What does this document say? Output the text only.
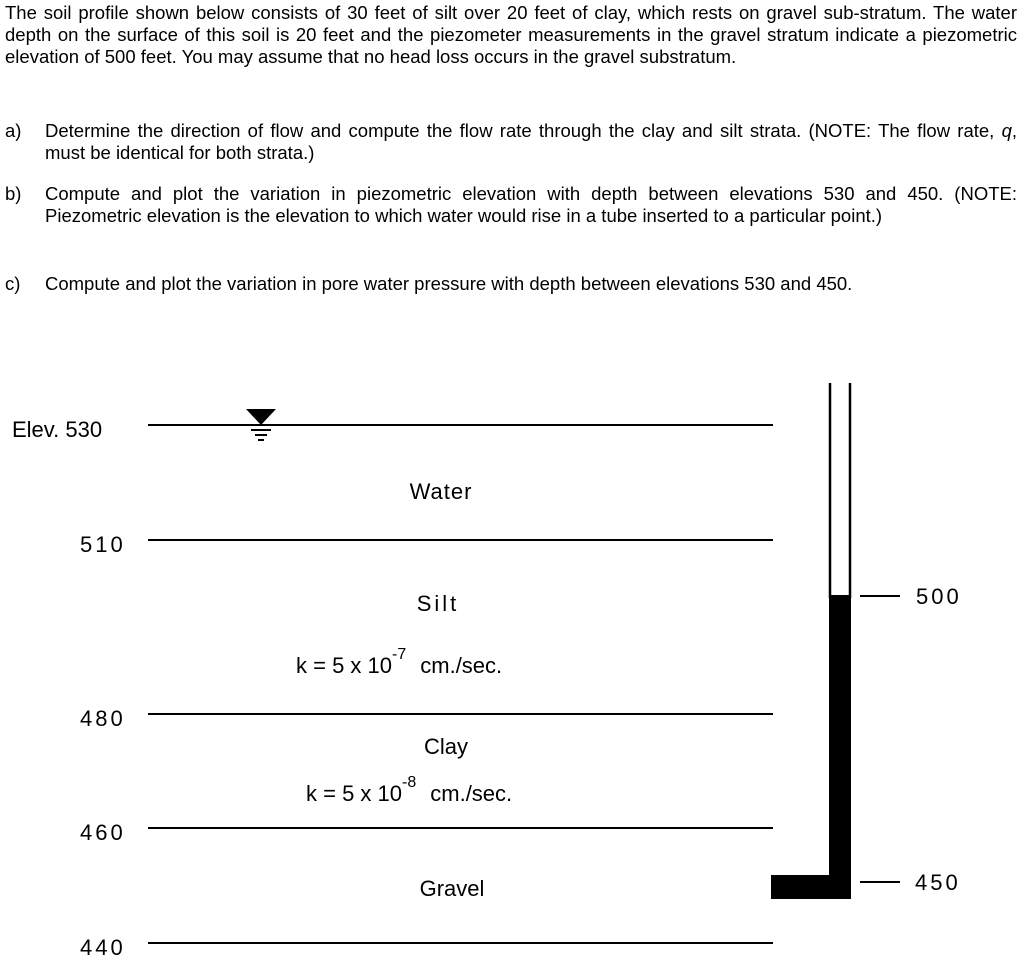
The soil profile shown below consists of 30 feet of silt over 20 feet of clay, which rests on gravel sub-stratum. The water depth on the surface of this soil is 20 feet and the piezometer measurements in the gravel stratum indicate a piezometric elevation of 500 feet. You may assume that no head loss occurs in the gravel substratum.

a) Determine the direction of flow and compute the flow rate through the clay and silt strata. (NOTE: The flow rate, q, must be identical for both strata.)
b) Compute and plot the variation in piezometric elevation with depth between elevations 530 and 450. (NOTE: Piezometric elevation is the elevation to which water would rise in a tube inserted to a particular point.)
c) Compute and plot the variation in pore water pressure with depth between elevations 530 and 450.
Elev. 530
510
480
460
440
Water
Silt
k = 5 x $10^{-7}$ cm./sec.
Clay
k = 5 x $10^{-8}$ cm./sec.
Gravel
500
450
